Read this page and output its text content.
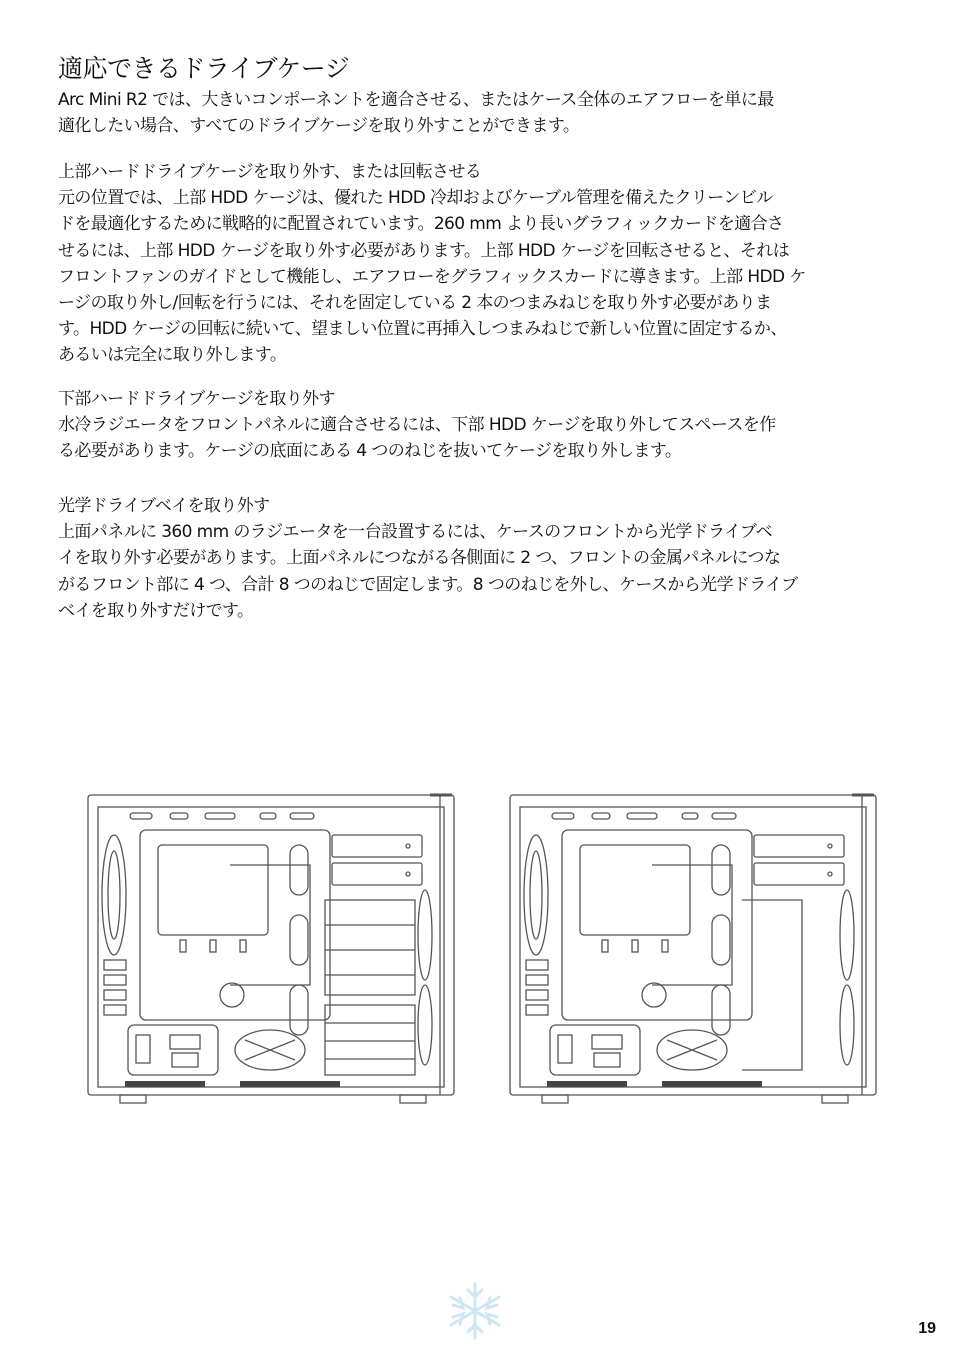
適応できるドライブケージ

Arc Mini R2 では、大きいコンポーネントを適合させる、またはケース全体のエアフローを単に最

適化したい場合、すべてのドライブケージを取り外すことができます。

上部ハードドライブケージを取り外す、または回転させる

元の位置では、上部 HDD ケージは、優れた HDD 冷却およびケーブル管理を備えたクリーンビル

ドを最適化するために戦略的に配置されています。260 mm より長いグラフィックカードを適合さ

せるには、上部 HDD ケージを取り外す必要があります。上部 HDD ケージを回転させると、それは

フロントファンのガイドとして機能し、エアフローをグラフィックスカードに導きます。上部 HDD ケ

ージの取り外し/回転を行うには、それを固定している 2 本のつまみねじを取り外す必要がありま

す。HDD ケージの回転に続いて、望ましい位置に再挿入しつまみねじで新しい位置に固定するか、

あるいは完全に取り外します。

下部ハードドライブケージを取り外す

水冷ラジエータをフロントパネルに適合させるには、下部 HDD ケージを取り外してスペースを作

る必要があります。ケージの底面にある 4 つのねじを抜いてケージを取り外します。

光学ドライブベイを取り外す

上面パネルに 360 mm のラジエータを一台設置するには、ケースのフロントから光学ドライブベ

イを取り外す必要があります。上面パネルにつながる各側面に 2 つ、フロントの金属パネルにつな

がるフロント部に 4 つ、合計 8 つのねじで固定します。8 つのねじを外し、ケースから光学ドライブ

ベイを取り外すだけです。

19
